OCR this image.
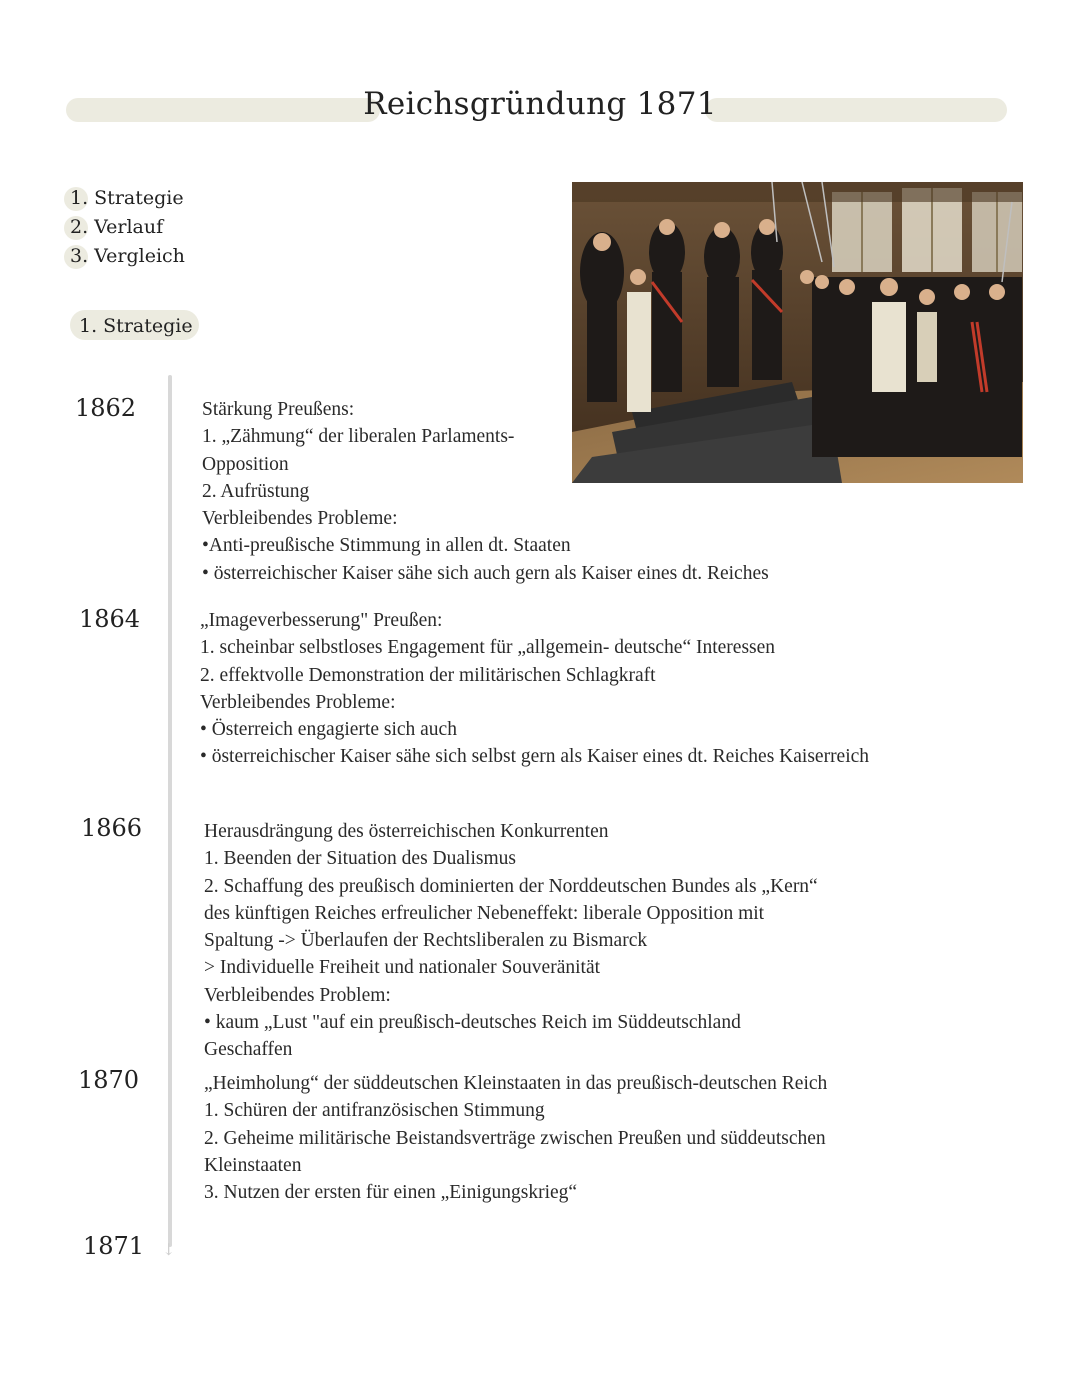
Reichsgründung 1871
1. Strategie
2. Verlauf
3. Vergleich
1. Strategie
↓
1862	Stärkung Preußens:
1. „Zähmung“ der liberalen Parlaments-
Opposition
2. Aufrüstung
Verbleibendes Probleme:
•Anti-preußische Stimmung in allen dt. Staaten
• österreichischer Kaiser sähe sich auch gern als Kaiser eines dt. Reiches
1864	„Imageverbesserung" Preußen:
1. scheinbar selbstloses Engagement für „allgemein- deutsche“ Interessen
2. effektvolle Demonstration der militärischen Schlagkraft
Verbleibendes Probleme:
• Österreich engagierte sich auch
• österreichischer Kaiser sähe sich selbst gern als Kaiser eines dt. Reiches Kaiserreich
1866	Herausdrängung des österreichischen Konkurrenten
1. Beenden der Situation des Dualismus
2. Schaffung des preußisch dominierten der Norddeutschen Bundes als „Kern“
des künftigen Reiches erfreulicher Nebeneffekt: liberale Opposition mit
Spaltung -> Überlaufen der Rechtsliberalen zu Bismarck
> Individuelle Freiheit und nationaler Souveränität
Verbleibendes Problem:
• kaum „Lust "auf ein preußisch-deutsches Reich im Süddeutschland
Geschaffen
1870	„Heimholung“ der süddeutschen Kleinstaaten in das preußisch-deutschen Reich
1. Schüren der antifranzösischen Stimmung
2. Geheime militärische Beistandsverträge zwischen Preußen und süddeutschen
Kleinstaaten
3. Nutzen der ersten für einen „Einigungskrieg“
1871
